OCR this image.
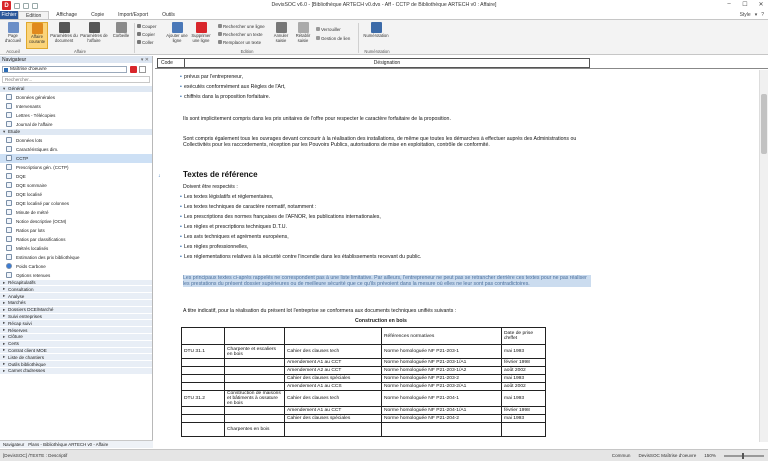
D	DevisSOC v6.0 - [Bibliothèque ARTECH v0.dvs - Aff - CCTP de Bibliothèque ARTECH v0 : Affaire]	–	☐	✕
Fichier	Edition	Affichage	Copie	Import/Export	Outils	Style ▾ ?
Page d'accueil
Affaire courante
Paramètres du document
Paramètres de l'affaire
Corbeille
Couper
Copier
Coller
Ajouter une ligne
Supprimer une ligne
Rechercher une ligne
Rechercher un texte
Remplacer un texte
Annuler saisie
Rétablir saisie
Verrouiller
Gestion de lien	Numérotation
Accueil	Affaire	Edition	Numérotation
Navigateur	▾ ✕
Maîtrise d'oeuvre
Rechercher...
▾ Général
Données générales
Intervenants
Lettres - Télécopies
Journal de l'affaire
▾ Etude
Données lots
Caractéristiques dim.
CCTP
Prescriptions gén. (CCTP)
DQE
DQE sommaire
DQE localisé
DQE localisé par colonnes
Minute de métré
Notice descriptive (OCM)
Ratios par lots
Ratios par classifications
Métrés localisés
Estimation des prix bibliothèque
Poids Carbone
Options retenues
▸ Récapitulatifs
▸ Consultation
▸ Analyse
▸ Marchés
▸ Dossiers DCE/Marché
▸ Suivi entreprises
▸ Récap suivi
▸ Réserves
▸ Clôture
▸ Certs
▸ Contrat client MOE
▸ Liste de chantiers
▸ Outils bibliothèque
▸ Carnet d'adresses
Navigateur Plans - Bibliothèque ARTECH v0 - Affaire
Code	Désignation
• prévus par l'entrepreneur,
• exécutés conformément aux Règles de l'Art,
• chiffrés dans la proposition forfaitaire.
Ils sont implicitement compris dans les prix unitaires de l'offre pour respecter le caractère forfaitaire de la proposition.
Sont compris également tous les ouvrages devant concourir à la réalisation des installations, de même que toutes les démarches à effectuer auprès des Administrations ou Collectivités pour les raccordements, réception par les Pouvoirs Publics, autorisations de mise en exploitation, contrôle de conformité.
↓	Textes de référence
Doivent être respectés :
• Les textes législatifs et réglementaires,
• Les textes techniques de caractère normatif, notamment :
• Les prescriptions des normes françaises de l'AFNOR, les publications internationales,
• Les règles et prescriptions techniques D.T.U.
• Les avis techniques et agréments européens,
• Les règles professionnelles,
• Les réglementations relatives à la sécurité contre l'incendie dans les établissements recevant du public.
Les principaux textes ci-après rappelés ne correspondent pas à une liste limitative. Par ailleurs, l'entrepreneur ne peut pas se retrancher derrière ces textes pour ne pas réaliser les prestations du présent dossier supérieures ou de meilleure sécurité que ce qu'ils prévoient dans la mesure où elles ne leur sont pas contradictoires.
A titre indicatif, pour la réalisation du présent lot l'entreprise se conformera aux documents techniques unifiés suivants :
Construction en bois
			Références normatives	Date de prise d'effet
DTU 31.1	Charpente et escaliers en bois	Cahier des clauses tech	Norme homologuée NF P21-203-1	mai 1993
		Amendement A1 au CCT	Norme homologuée NF P21-203-1/A1	février 1998
		Amendement A2 au CCT	Norme homologuée NF P21-203-1/A2	août 2002
		Cahier des clauses spéciales	Norme homologuée NF P21-203-2	mai 1993
		Amendement A1 au CCS	Norme homologuée NF P21-203-2/A1	août 2002
DTU 31.2	Construction de maisons et bâtiments à ossature en bois	Cahier des clauses tech	Norme homologuée NF P21-204-1	mai 1993
		Amendement A1 au CCT	Norme homologuée NF P21-204-1/A1	février 1998
		Cahier des clauses spéciales	Norme homologuée NF P21-204-2	mai 1993
	Charpentes en bois			
[DevisSOC] /TEXTE : Descriptif	Commun DevisSOC Maîtrise d'oeuvre 150%
